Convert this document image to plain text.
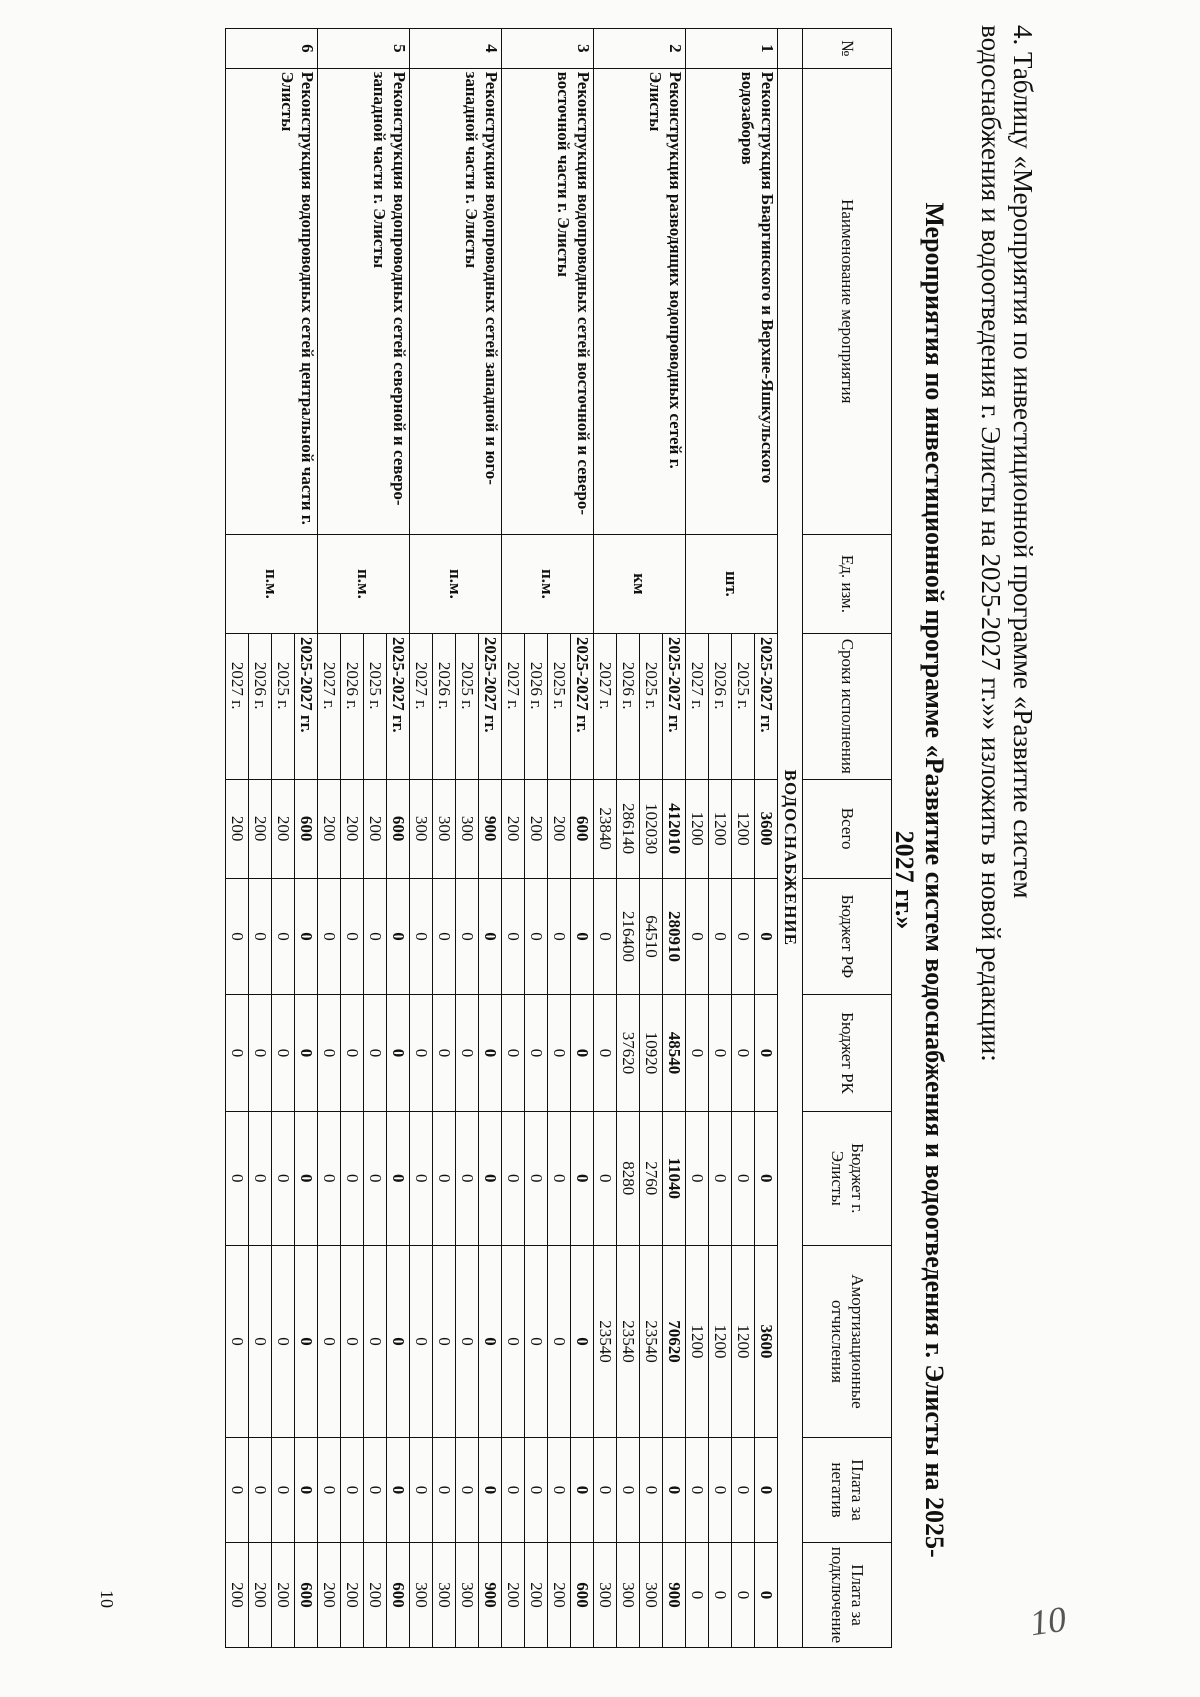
4. Таблицу «Мероприятия по инвестиционной программе «Развитие систем водоснабжения и водоотведения г. Элисты на 2025-2027 гг.»» изложить в новой редакции:

Мероприятия по инвестиционной программе «Развитие систем водоснабжения и водоотведения г. Элисты на 2025-2027 гг.»
№	Наименование мероприятия	Ед. изм.	Сроки исполнения	Всего	Бюджет РФ	Бюджет РК	Бюджет г. Элисты	Амортизационные отчисления	Плата за негатив	Плата за подключение
	ВОДОСНАБЖЕНИЕ									
1	Реконструкция Бваргинского и Верхне-Яшкульского водозаборов	шт.	2025-2027 гг.	3600	0	0	0	3600	0	0
			2025 г.	1200	0	0	0	1200	0	0
			2026 г.	1200	0	0	0	1200	0	0
			2027 г.	1200	0	0	0	1200	0	0
2	Реконструкция разводящих водопроводных сетей г. Элисты	км	2025-2027 гг.	412010	280910	48540	11040	70620	0	900
			2025 г.	102030	64510	10920	2760	23540	0	300
			2026 г.	286140	216400	37620	8280	23540	0	300
			2027 г.	23840	0	0	0	23540	0	300
3	Реконструкция водопроводных сетей восточной и северо-восточной части г. Элисты	п.м.	2025-2027 гг.	600	0	0	0	0	0	600
			2025 г.	200	0	0	0	0	0	200
			2026 г.	200	0	0	0	0	0	200
			2027 г.	200	0	0	0	0	0	200
4	Реконструкция водопроводных сетей западной и юго-западной части г. Элисты	п.м.	2025-2027 гг.	900	0	0	0	0	0	900
			2025 г.	300	0	0	0	0	0	300
			2026 г.	300	0	0	0	0	0	300
			2027 г.	300	0	0	0	0	0	300
5	Реконструкция водопроводных сетей северной и северо-западной части г. Элисты	п.м.	2025-2027 гг.	600	0	0	0	0	0	600
			2025 г.	200	0	0	0	0	0	200
			2026 г.	200	0	0	0	0	0	200
			2027 г.	200	0	0	0	0	0	200
6	Реконструкция водопроводных сетей центральной части г. Элисты	п.м.	2025-2027 гг.	600	0	0	0	0	0	600
			2025 г.	200	0	0	0	0	0	200
			2026 г.	200	0	0	0	0	0	200
			2027 г.	200	0	0	0	0	0	200
10	10
